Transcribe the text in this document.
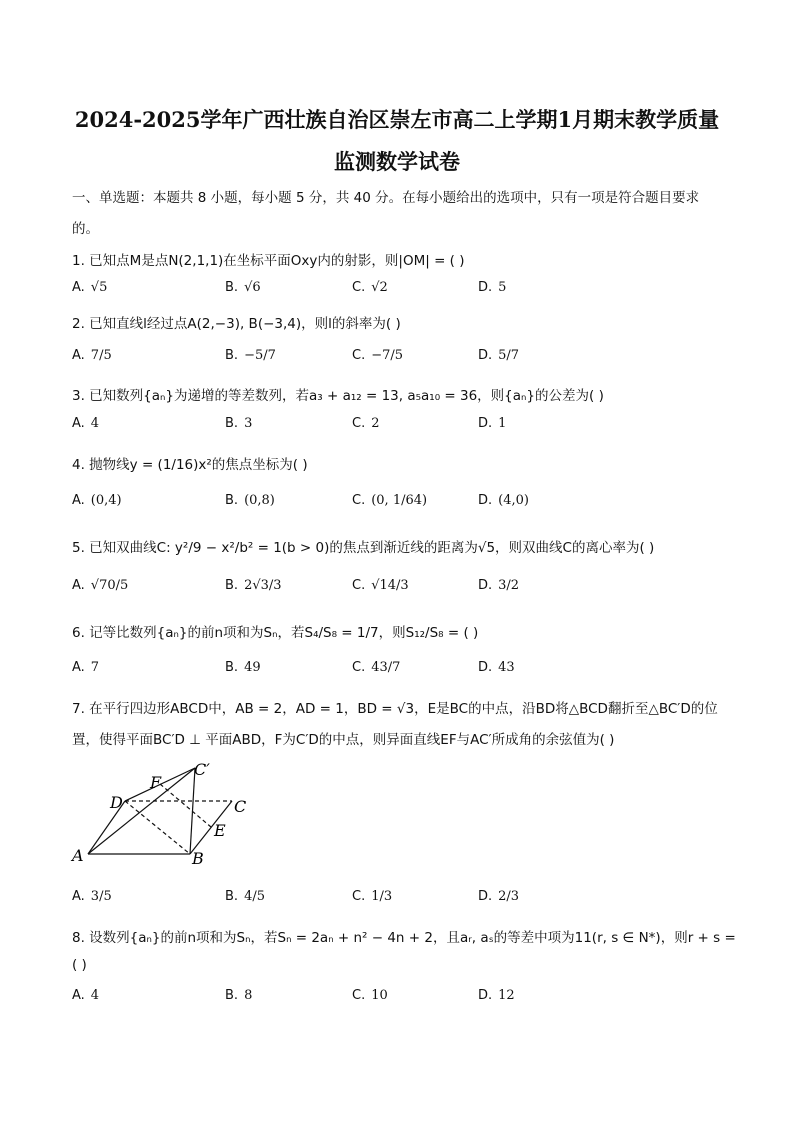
2024-2025学年广西壮族自治区崇左市高二上学期1月期末教学质量
监测数学试卷
一、单选题：本题共 8 小题，每小题 5 分，共 40 分。在每小题给出的选项中，只有一项是符合题目要求
的。
1. 已知点M是点N(2,1,1)在坐标平面Oxy内的射影，则|OM| = ( )
A. √5	B. √6	C. √2	D. 5
2. 已知直线l经过点A(2,−3), B(−3,4)，则l的斜率为( )
A. 7/5	B. −5/7	C. −7/5	D. 5/7
3. 已知数列{aₙ}为递增的等差数列，若a₃ + a₁₂ = 13, a₅a₁₀ = 36，则{aₙ}的公差为( )
A. 4	B. 3	C. 2	D. 1
4. 抛物线y = (1/16)x²的焦点坐标为( )
A. (0,4)	B. (0,8)	C. (0, 1/64)	D. (4,0)
5. 已知双曲线C: y²/9 − x²/b² = 1(b > 0)的焦点到渐近线的距离为√5，则双曲线C的离心率为( )
A. √70/5	B. 2√3/3	C. √14/3	D. 3/2
6. 记等比数列{aₙ}的前n项和为Sₙ，若S₄/S₈ = 1/7，则S₁₂/S₈ = ( )
A. 7	B. 49	C. 43/7	D. 43
7. 在平行四边形ABCD中，AB = 2，AD = 1，BD = √3，E是BC的中点，沿BD将△BCD翻折至△BC′D的位
置，使得平面BC′D ⊥ 平面ABD，F为C′D的中点，则异面直线EF与AC′所成角的余弦值为( )
A	B
C
D
E
F
C′
A. 3/5	B. 4/5	C. 1/3	D. 2/3
8. 设数列{aₙ}的前n项和为Sₙ，若Sₙ = 2aₙ + n² − 4n + 2，且aᵣ, aₛ的等差中项为11(r, s ∈ N*)，则r + s =
( )
A. 4	B. 8	C. 10	D. 12
